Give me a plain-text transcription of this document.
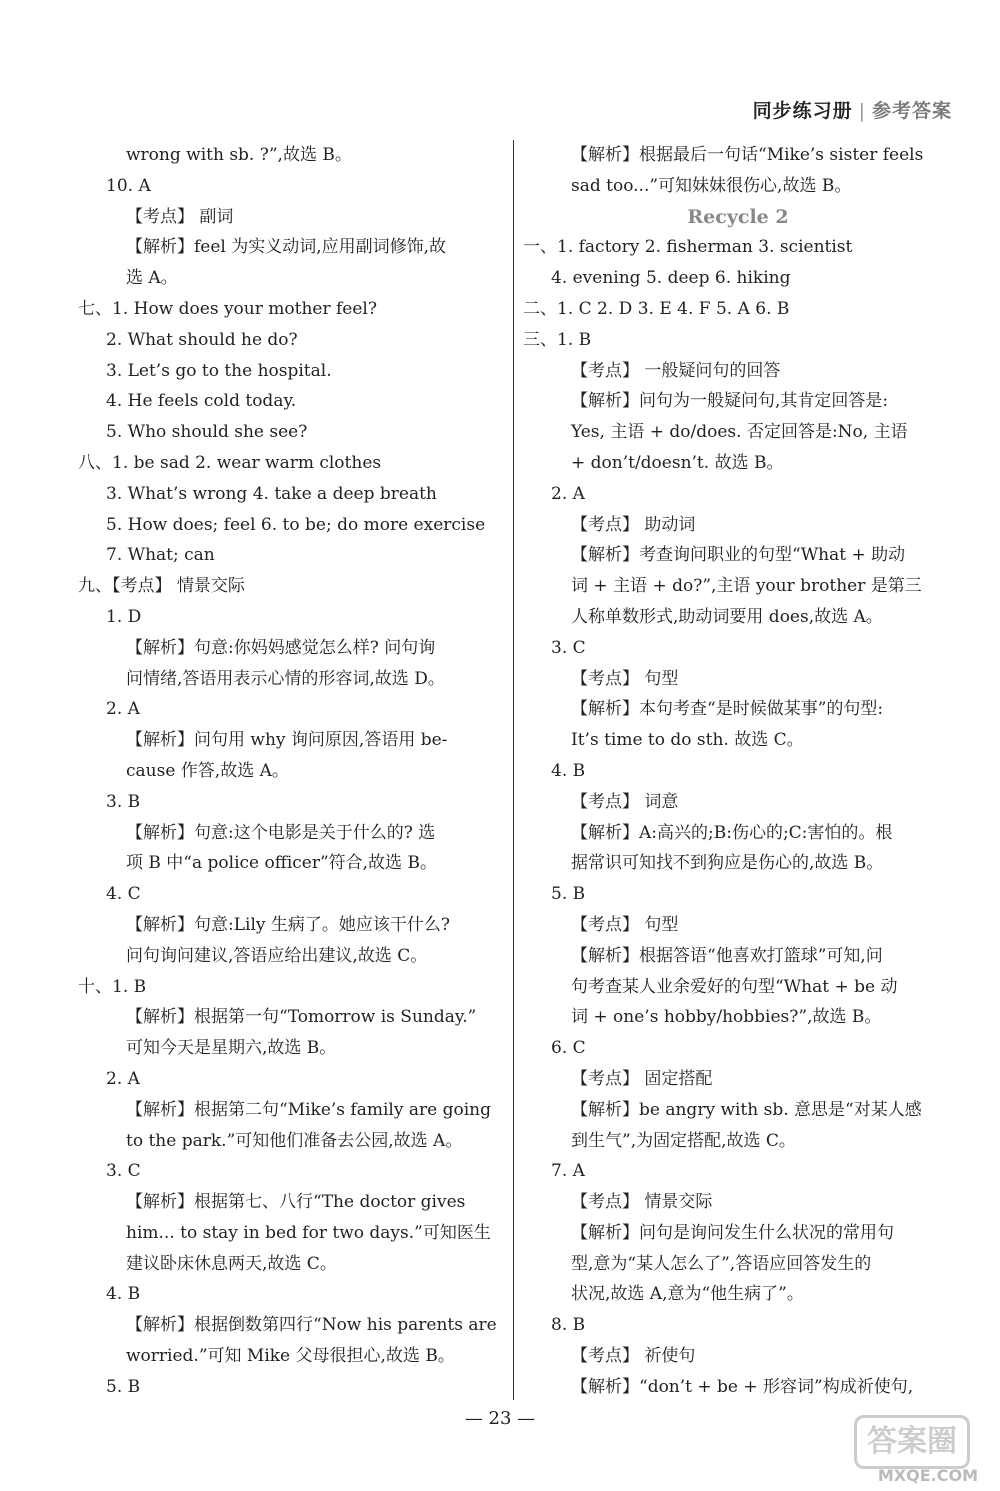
同步练习册 | 参考答案
wrong with sb. ?”,故选 B。
10. A
【考点】 副词
【解析】feel 为实义动词,应用副词修饰,故
选 A。
七、1. How does your mother feel?
2. What should he do?
3. Let’s go to the hospital.
4. He feels cold today.
5. Who should she see?
八、1. be sad 2. wear warm clothes
3. What’s wrong 4. take a deep breath
5. How does; feel 6. to be; do more exercise
7. What; can
九、【考点】 情景交际
1. D
【解析】句意:你妈妈感觉怎么样? 问句询
问情绪,答语用表示心情的形容词,故选 D。
2. A
【解析】问句用 why 询问原因,答语用 be-
cause 作答,故选 A。
3. B
【解析】句意:这个电影是关于什么的? 选
项 B 中“a police officer”符合,故选 B。
4. C
【解析】句意:Lily 生病了。她应该干什么?
问句询问建议,答语应给出建议,故选 C。
十、1. B
【解析】根据第一句“Tomorrow is Sunday.”
可知今天是星期六,故选 B。
2. A
【解析】根据第二句“Mike’s family are going
to the park.”可知他们准备去公园,故选 A。
3. C
【解析】根据第七、八行“The doctor gives
him... to stay in bed for two days.”可知医生
建议卧床休息两天,故选 C。
4. B
【解析】根据倒数第四行“Now his parents are
worried.”可知 Mike 父母很担心,故选 B。
5. B
【解析】根据最后一句话“Mike’s sister feels
sad too...”可知妹妹很伤心,故选 B。
Recycle 2
一、1. factory 2. fisherman 3. scientist
4. evening 5. deep 6. hiking
二、1. C 2. D 3. E 4. F 5. A 6. B
三、1. B
【考点】 一般疑问句的回答
【解析】问句为一般疑问句,其肯定回答是:
Yes, 主语 + do/does. 否定回答是:No, 主语
+ don’t/doesn’t. 故选 B。
2. A
【考点】 助动词
【解析】考查询问职业的句型“What + 助动
词 + 主语 + do?”,主语 your brother 是第三
人称单数形式,助动词要用 does,故选 A。
3. C
【考点】 句型
【解析】本句考查“是时候做某事”的句型:
It’s time to do sth. 故选 C。
4. B
【考点】 词意
【解析】A:高兴的;B:伤心的;C:害怕的。根
据常识可知找不到狗应是伤心的,故选 B。
5. B
【考点】 句型
【解析】根据答语“他喜欢打篮球”可知,问
句考查某人业余爱好的句型“What + be 动
词 + one’s hobby/hobbies?”,故选 B。
6. C
【考点】 固定搭配
【解析】be angry with sb. 意思是“对某人感
到生气”,为固定搭配,故选 C。
7. A
【考点】 情景交际
【解析】问句是询问发生什么状况的常用句
型,意为“某人怎么了”,答语应回答发生的
状况,故选 A,意为“他生病了”。
8. B
【考点】 祈使句
【解析】“don’t + be + 形容词”构成祈使句,
— 23 —
答案圈
MXQE.COM
